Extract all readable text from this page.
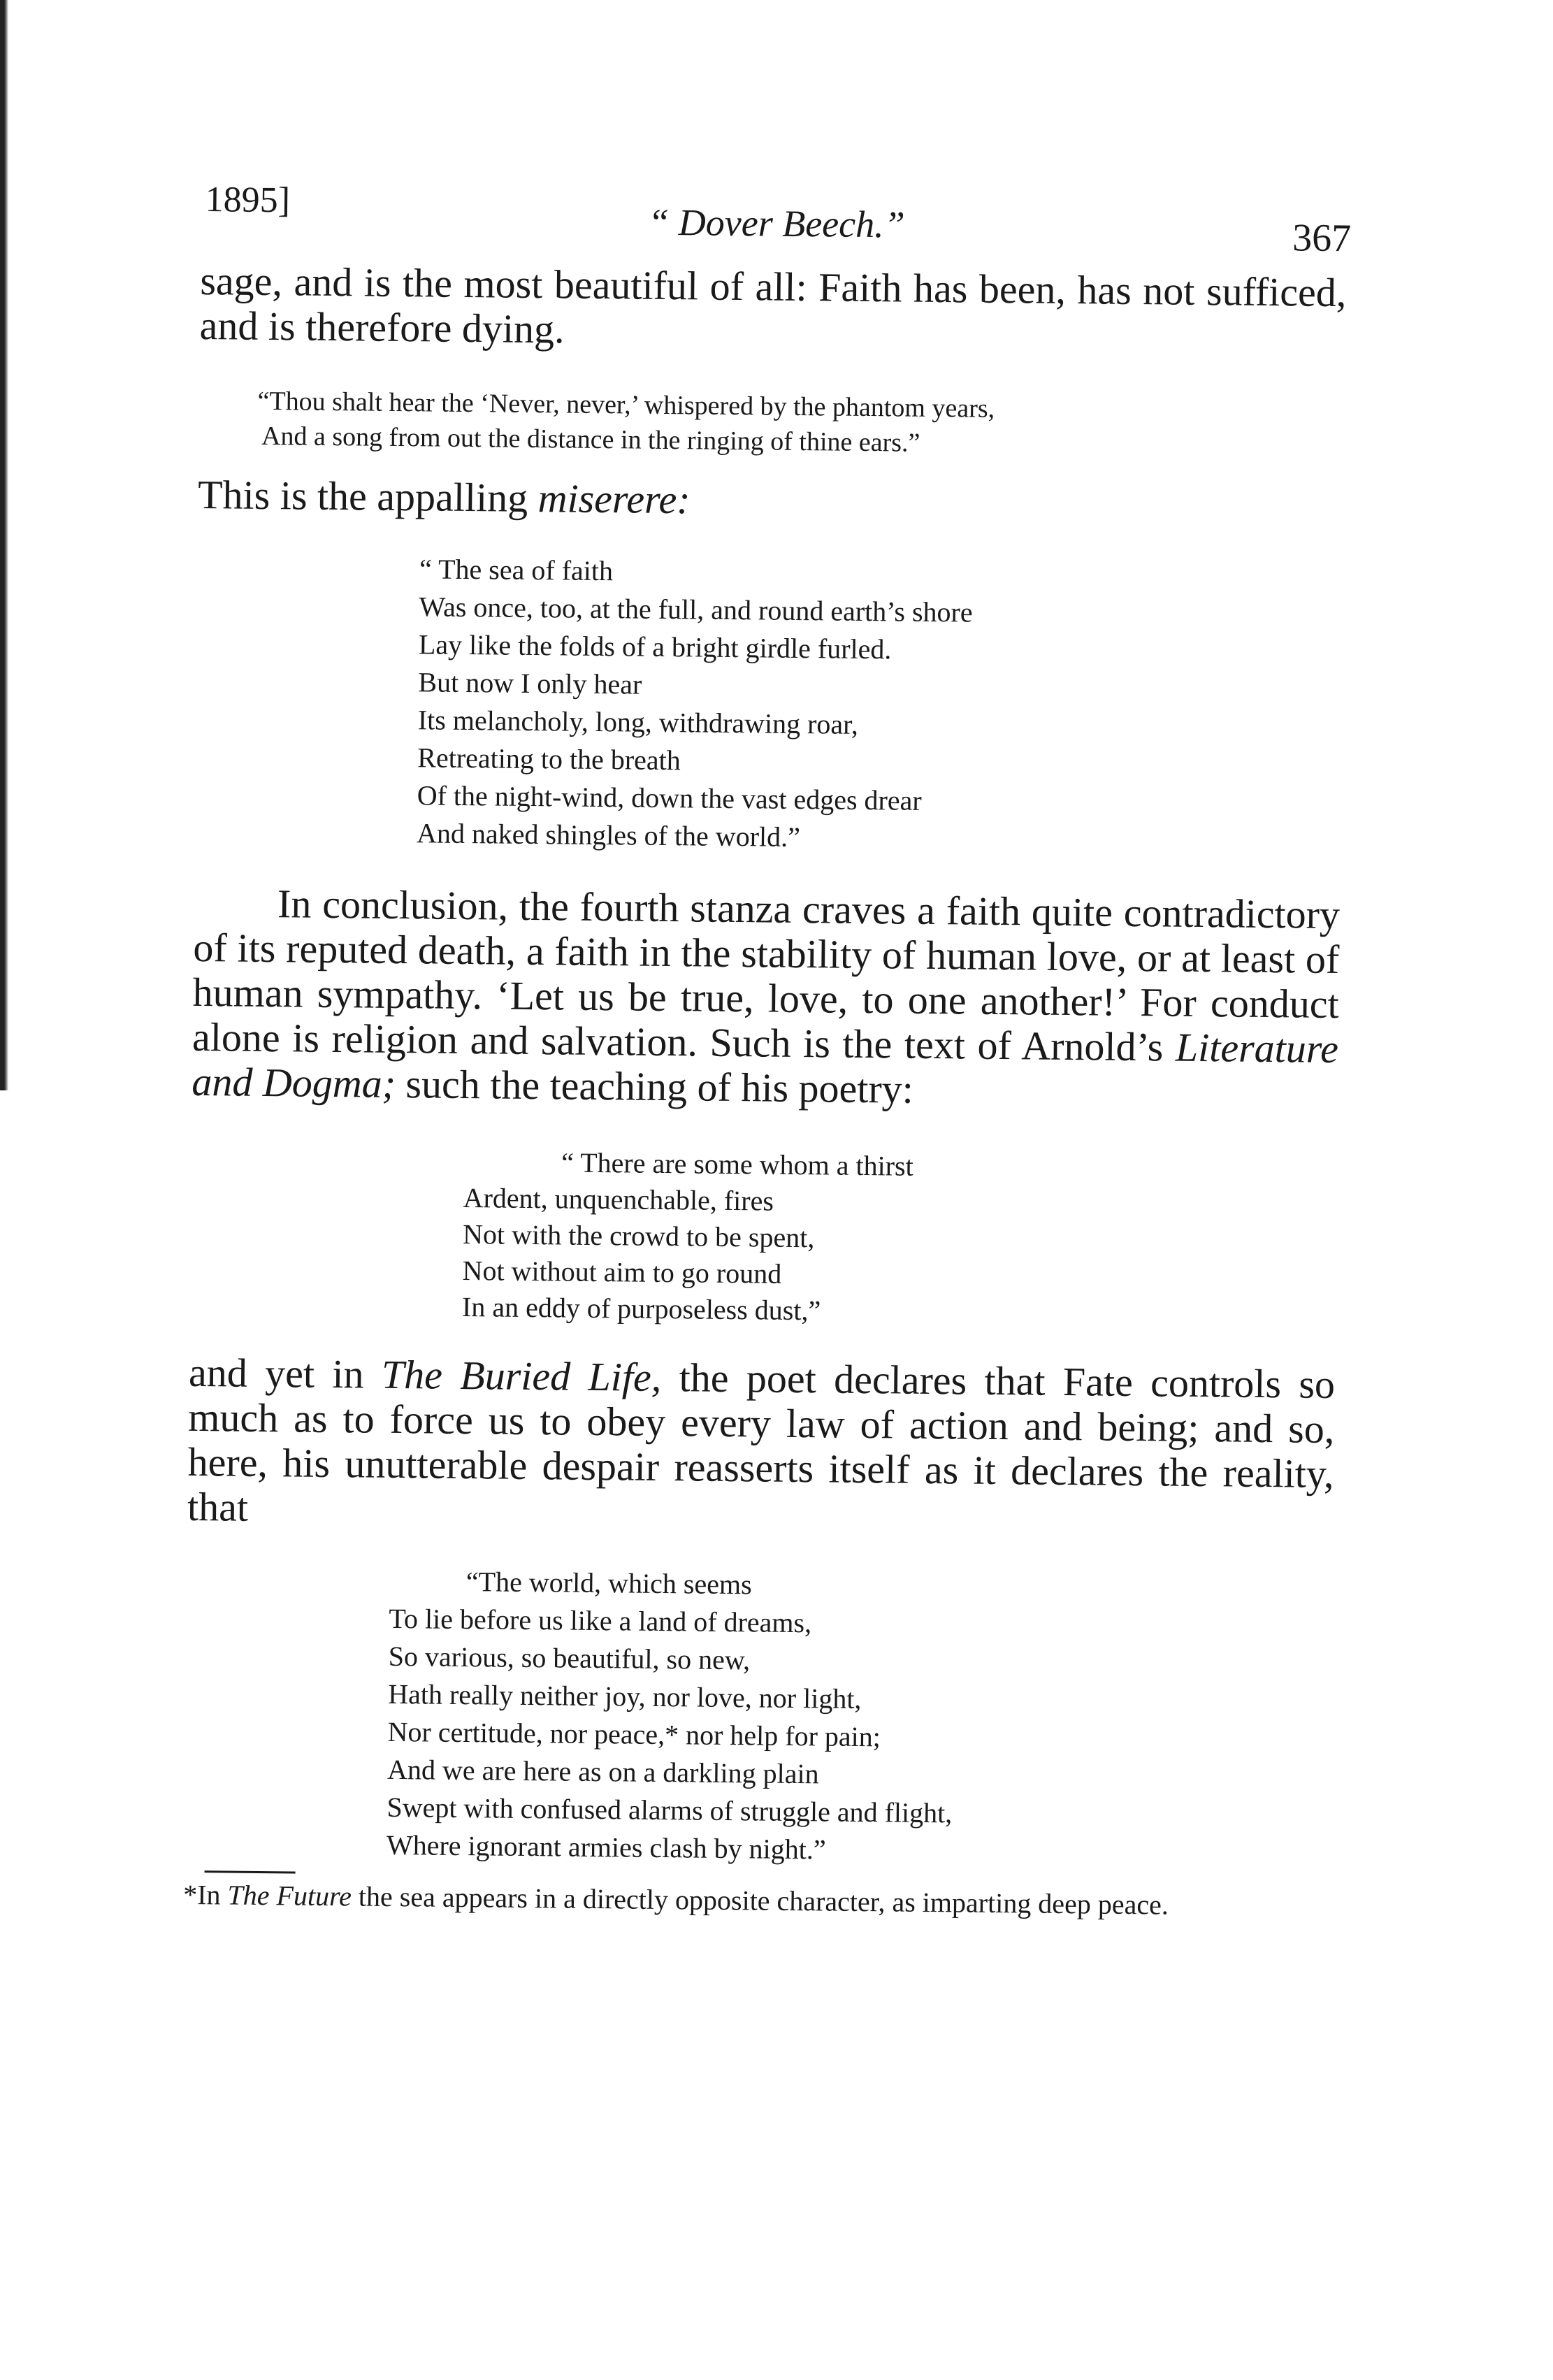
1895]
“ Dover Beech.”	367

sage, and is the most beautiful of all: Faith has been, has not sufficed, and is therefore dying.

“Thou shalt hear the ‘Never, never,’ whispered by the phantom years,
And a song from out the distance in the ringing of thine ears.”

This is the appalling miserere:

“ The sea of faith
Was once, too, at the full, and round earth’s shore
Lay like the folds of a bright girdle furled.
But now I only hear
Its melancholy, long, withdrawing roar,
Retreating to the breath
Of the night-wind, down the vast edges drear
And naked shingles of the world.”

In conclusion, the fourth stanza craves a faith quite contradictory of its reputed death, a faith in the stability of human love, or at least of human sympathy. ‘Let us be true, love, to one another!’ For conduct alone is religion and salvation. Such is the text of Arnold’s Literature and Dogma; such the teaching of his poetry:

“ There are some whom a thirst
Ardent, unquenchable, fires
Not with the crowd to be spent,
Not without aim to go round
In an eddy of purposeless dust,”

and yet in The Buried Life, the poet declares that Fate controls so much as to force us to obey every law of action and being; and so, here, his unutterable despair reasserts itself as it declares the reality, that

“The world, which seems
To lie before us like a land of dreams,
So various, so beautiful, so new,
Hath really neither joy, nor love, nor light,
Nor certitude, nor peace,* nor help for pain;
And we are here as on a darkling plain
Swept with confused alarms of struggle and flight,
Where ignorant armies clash by night.”

*In The Future the sea appears in a directly opposite character, as imparting deep peace.
